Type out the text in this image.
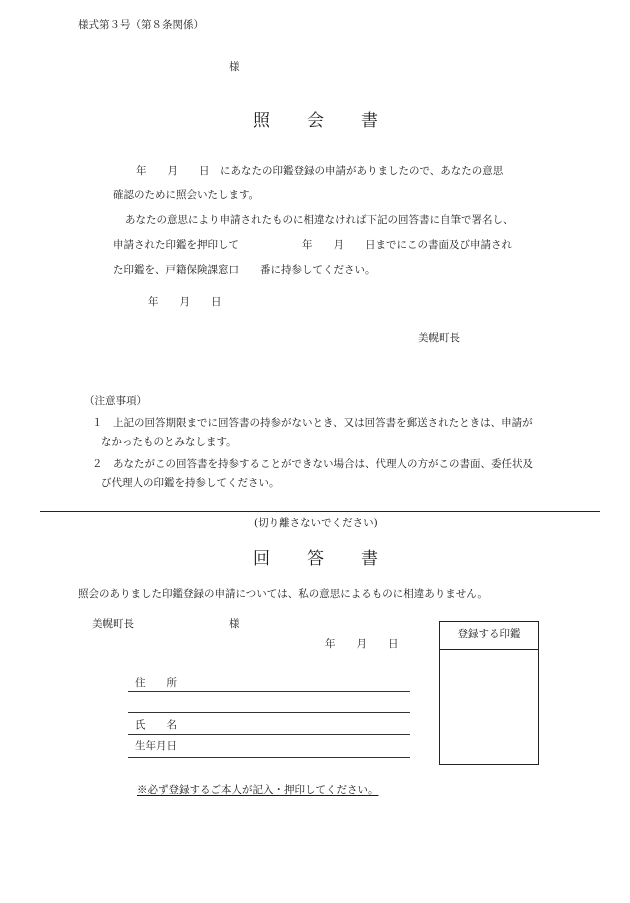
様式第３号（第８条関係）
様
照 会 書
年　　月　　日　にあなたの印鑑登録の申請がありましたので、あなたの意思
確認のために照会いたします。
あなたの意思により申請されたものに相違なければ下記の回答書に自筆で署名し、
申請された印鑑を押印して　　　　　　年　　月　　日までにこの書面及び申請され
た印鑑を、戸籍保険課窓口　　番に持参してください。
年　　月　　日
美幌町長
（注意事項）
１　上記の回答期限までに回答書の持参がないとき、又は回答書を郵送されたときは、申請が
なかったものとみなします。
２　あなたがこの回答書を持参することができない場合は、代理人の方がこの書面、委任状及
び代理人の印鑑を持参してください。
(切り離さないでください)
回 答 書
照会のありました印鑑登録の申請については、私の意思によるものに相違ありません。
美幌町長	様
年　　月　　日
住　　所
氏　　名
生年月日
登録する印鑑
※必ず登録するご本人が記入・押印してください。
